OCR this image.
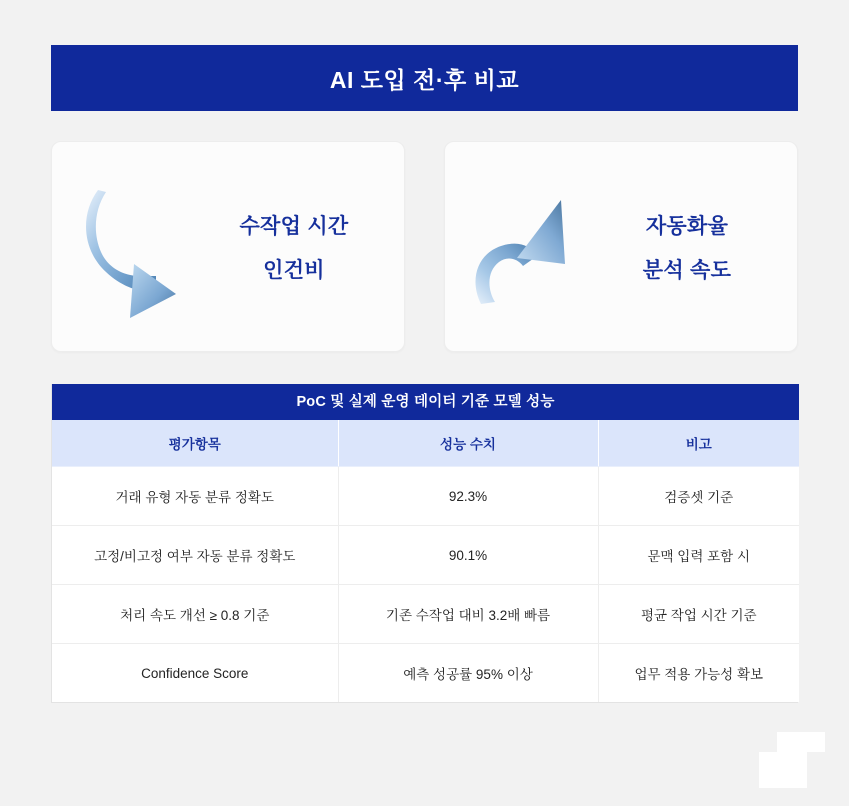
AI 도입 전·후 비교
수작업 시간
인건비
자동화율
분석 속도
PoC 및 실제 운영 데이터 기준 모델 성능
평가항목	성능 수치	비고
거래 유형 자동 분류 정확도	92.3%	검증셋 기준
고정/비고정 여부 자동 분류 정확도	90.1%	문맥 입력 포함 시
처리 속도 개선 ≥ 0.8 기준	기존 수작업 대비 3.2배 빠름	평균 작업 시간 기준
Confidence Score	예측 성공률 95% 이상	업무 적용 가능성 확보
